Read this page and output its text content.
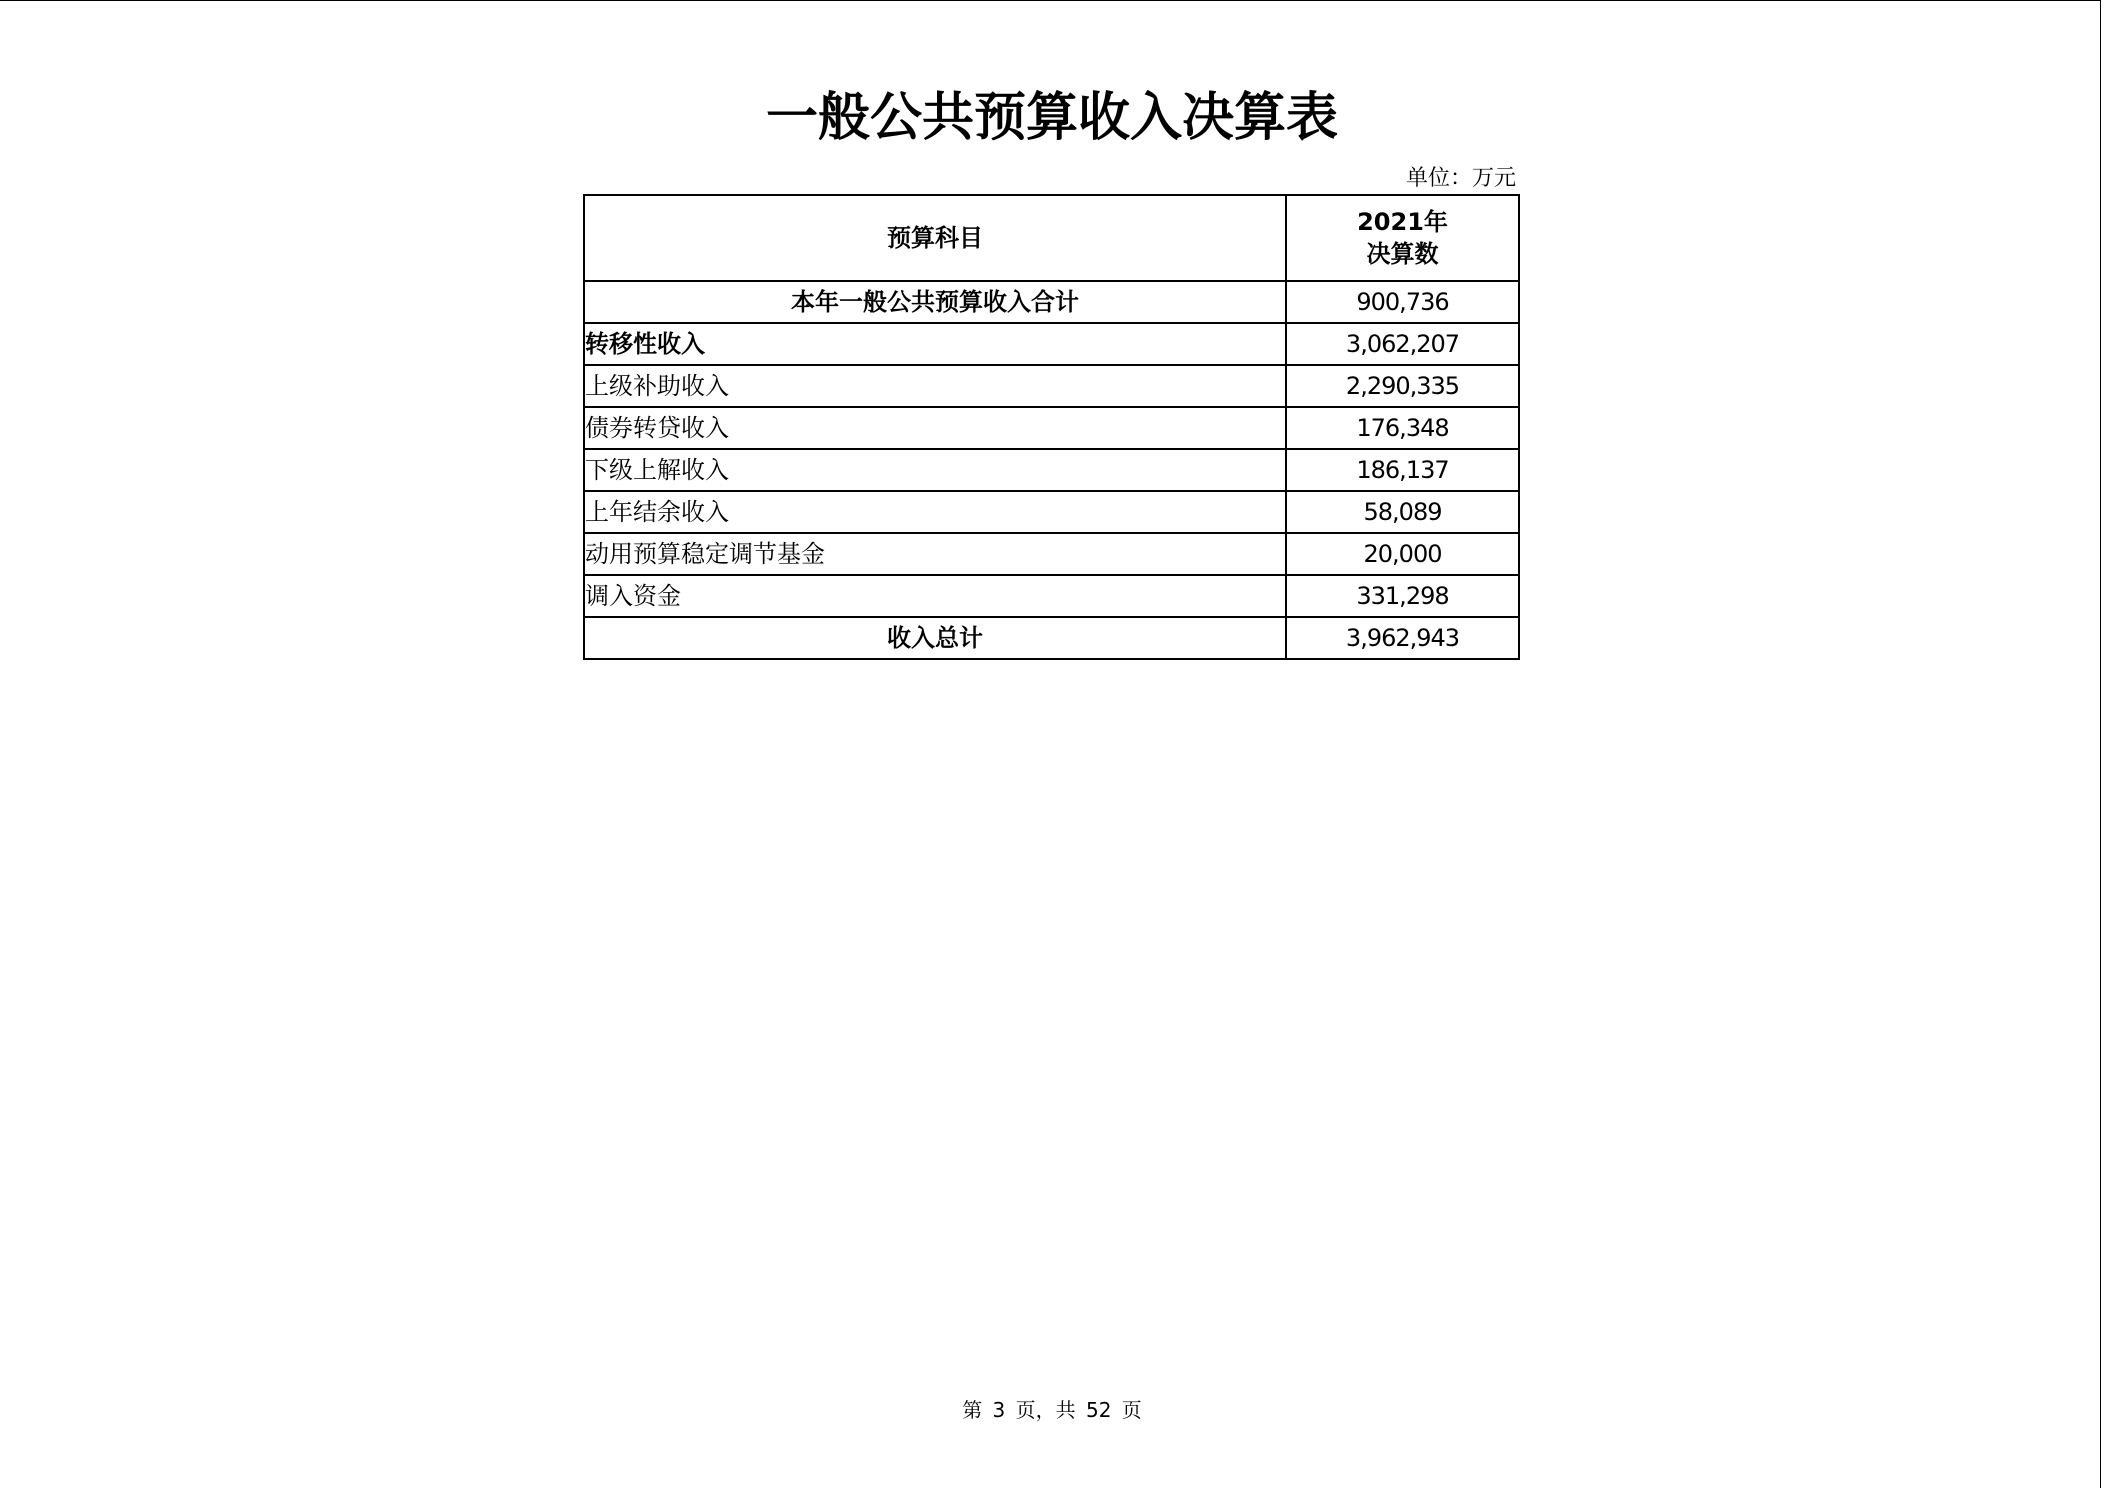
一般公共预算收入决算表
单位：万元
预算科目	2021年
决算数

本年一般公共预算收入合计	900,736
转移性收入	3,062,207
上级补助收入	2,290,335
债券转贷收入	176,348
下级上解收入	186,137
上年结余收入	58,089
动用预算稳定调节基金	20,000
调入资金	331,298
收入总计	3,962,943
第 3 页，共 52 页
